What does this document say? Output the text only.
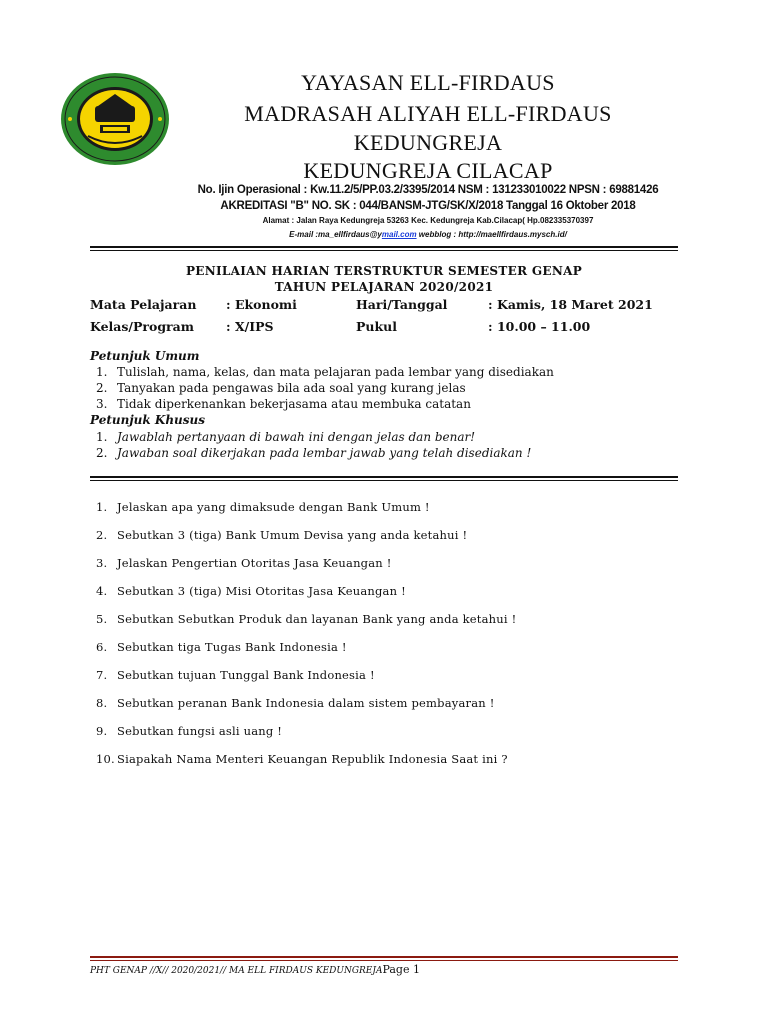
YAYASAN ELL-FIRDAUS
MADRASAH ALIYAH ELL-FIRDAUS
KEDUNGREJA
KEDUNGREJA CILACAP
No. Ijin Operasional : Kw.11.2/5/PP.03.2/3395/2014 NSM : 131233010022 NPSN : 69881426
AKREDITASI "B" NO. SK : 044/BANSM-JTG/SK/X/2018 Tanggal 16 Oktober 2018
Alamat : Jalan Raya Kedungreja 53263 Kec. Kedungreja Kab.Cilacap( Hp.082335370397
E-mail :ma_ellfirdaus@ymail.com webblog : http://maellfirdaus.mysch.id/
PENILAIAN HARIAN TERSTRUKTUR SEMESTER GENAP
TAHUN PELAJARAN 2020/2021
Mata Pelajaran : Ekonomi	Hari/Tanggal	: Kamis, 18 Maret 2021
Kelas/Program	: X/IPS	Pukul	: 10.00 – 11.00
Petunjuk Umum
1. Tulislah, nama, kelas, dan mata pelajaran pada lembar yang disediakan
2. Tanyakan pada pengawas bila ada soal yang kurang jelas
3. Tidak diperkenankan bekerjasama atau membuka catatan
Petunjuk Khusus
1. Jawablah pertanyaan di bawah ini dengan jelas dan benar!
2. Jawaban soal dikerjakan pada lembar jawab yang telah disediakan !
1. Jelaskan apa yang dimaksude dengan Bank Umum !
2. Sebutkan 3 (tiga) Bank Umum Devisa yang anda ketahui !
3. Jelaskan Pengertian Otoritas Jasa Keuangan !
4. Sebutkan 3 (tiga) Misi Otoritas Jasa Keuangan !
5. Sebutkan Sebutkan Produk dan layanan Bank yang anda ketahui !
6. Sebutkan tiga Tugas Bank Indonesia !
7. Sebutkan tujuan Tunggal Bank Indonesia !
8. Sebutkan peranan Bank Indonesia dalam sistem pembayaran !
9. Sebutkan fungsi asli uang !
10. Siapakah Nama Menteri Keuangan Republik Indonesia Saat ini ?
PHT GENAP //X// 2020/2021// MA ELL FIRDAUS KEDUNGREJAPage 1
